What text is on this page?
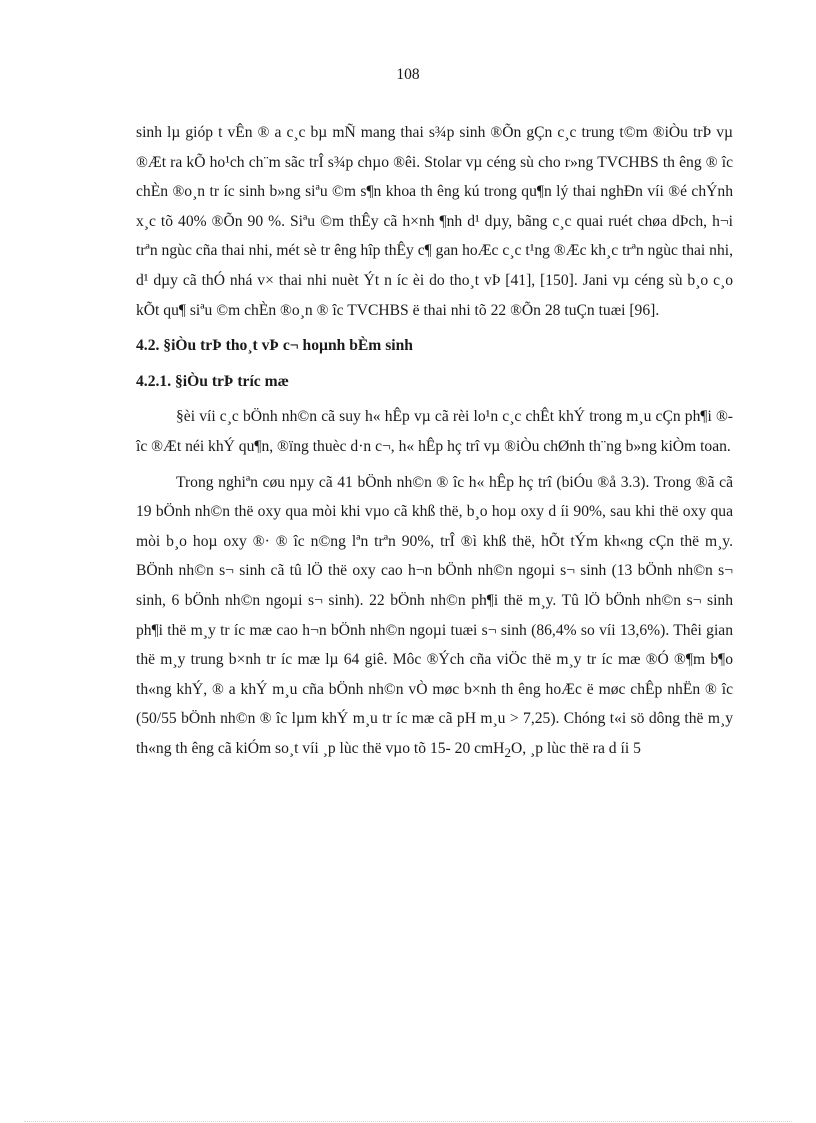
108

sinh lµ gióp t vÊn ® a c¸c bµ mÑ mang thai s¾p sinh ®Õn gÇn c¸c trung t©m ®iÒu trÞ vµ ®Æt ra kÕ ho¹ch ch¨m sãc trÎ s¾p chµo ®êi. Stolar vµ céng sù cho r»ng TVCHBS th êng ® îc chÈn ®o¸n tr íc sinh b»ng siªu ©m s¶n khoa th êng kú trong qu¶n lý thai nghÐn víi ®é chÝnh x¸c tõ 40% ®Õn 90 %. Siªu ©m thÊy cã h×nh ¶nh d¹ dµy, bãng c¸c quai ruét chøa dÞch, h¬i trªn ngùc cña thai nhi, mét sè tr êng hîp thÊy c¶ gan hoÆc c¸c t¹ng ®Æc kh¸c trªn ngùc thai nhi, d¹ dµy cã thÓ nhá v× thai nhi nuèt Ýt n íc èi do tho¸t vÞ [41], [150]. Jani vµ céng sù b¸o c¸o kÕt qu¶ siªu ©m chÈn ®o¸n ® îc TVCHBS ë thai nhi tõ 22 ®Õn 28 tuÇn tuæi [96].

4.2. §iÒu trÞ tho¸t vÞ c¬ hoµnh bÈm sinh
4.2.1. §iÒu trÞ tríc mæ

§èi víi c¸c bÖnh nh©n cã suy h« hÊp vµ cã rèi lo¹n c¸c chÊt khÝ trong m¸u cÇn ph¶i ® îc ®Æt néi khÝ qu¶n, ®ïng thuèc d·n c¬, h« hÊp hç trî vµ ®iÒu chØnh th¨ng b»ng kiÒm toan.

Trong nghiªn cøu nµy cã 41 bÖnh nh©n ® îc h« hÊp hç trî (biÓu ®å 3.3). Trong ®ã cã 19 bÖnh nh©n thë oxy qua mòi khi vµo cã khß thë, b¸o hoµ oxy d íi 90%, sau khi thë oxy qua mòi b¸o hoµ oxy ®· ® îc n©ng lªn trªn 90%, trÎ ®ì khß thë, hÕt tÝm kh«ng cÇn thë m¸y. BÖnh nh©n s¬ sinh cã tû lÖ thë oxy cao h¬n bÖnh nh©n ngoµi s¬ sinh (13 bÖnh nh©n s¬ sinh, 6 bÖnh nh©n ngoµi s¬ sinh). 22 bÖnh nh©n ph¶i thë m¸y. Tû lÖ bÖnh nh©n s¬ sinh ph¶i thë m¸y tr íc mæ cao h¬n bÖnh nh©n ngoµi tuæi s¬ sinh (86,4% so víi 13,6%). Thêi gian thë m¸y trung b×nh tr íc mæ lµ 64 giê. Môc ®Ých cña viÖc thë m¸y tr íc mæ ®Ó ®¶m b¶o th«ng khÝ, ® a khÝ m¸u cña bÖnh nh©n vÒ møc b×nh th êng hoÆc ë møc chÊp nhËn ® îc (50/55 bÖnh nh©n ® îc lµm khÝ m¸u tr íc mæ cã pH m¸u > 7,25). Chóng t«i sö dông thë m¸y th«ng th êng cã kiÓm so¸t víi ¸p lùc thë vµo tõ 15- 20 cmH$_2$O, ¸p lùc thë ra d íi 5
